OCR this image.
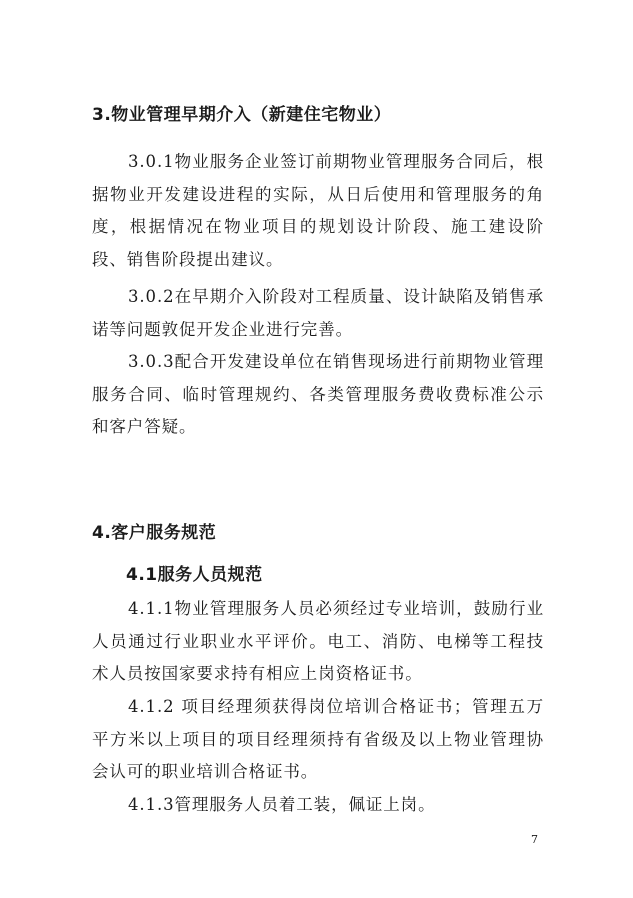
3.物业管理早期介入（新建住宅物业）
3.0.1物业服务企业签订前期物业管理服务合同后，根据物业开发建设进程的实际，从日后使用和管理服务的角度，根据情况在物业项目的规划设计阶段、施工建设阶段、销售阶段提出建议。
3.0.2在早期介入阶段对工程质量、设计缺陷及销售承诺等问题敦促开发企业进行完善。
3.0.3配合开发建设单位在销售现场进行前期物业管理服务合同、临时管理规约、各类管理服务费收费标准公示和客户答疑。
4.客户服务规范
4.1服务人员规范
4.1.1物业管理服务人员必须经过专业培训，鼓励行业人员通过行业职业水平评价。电工、消防、电梯等工程技术人员按国家要求持有相应上岗资格证书。
4.1.2 项目经理须获得岗位培训合格证书；管理五万平方米以上项目的项目经理须持有省级及以上物业管理协会认可的职业培训合格证书。
4.1.3管理服务人员着工装，佩证上岗。
7
